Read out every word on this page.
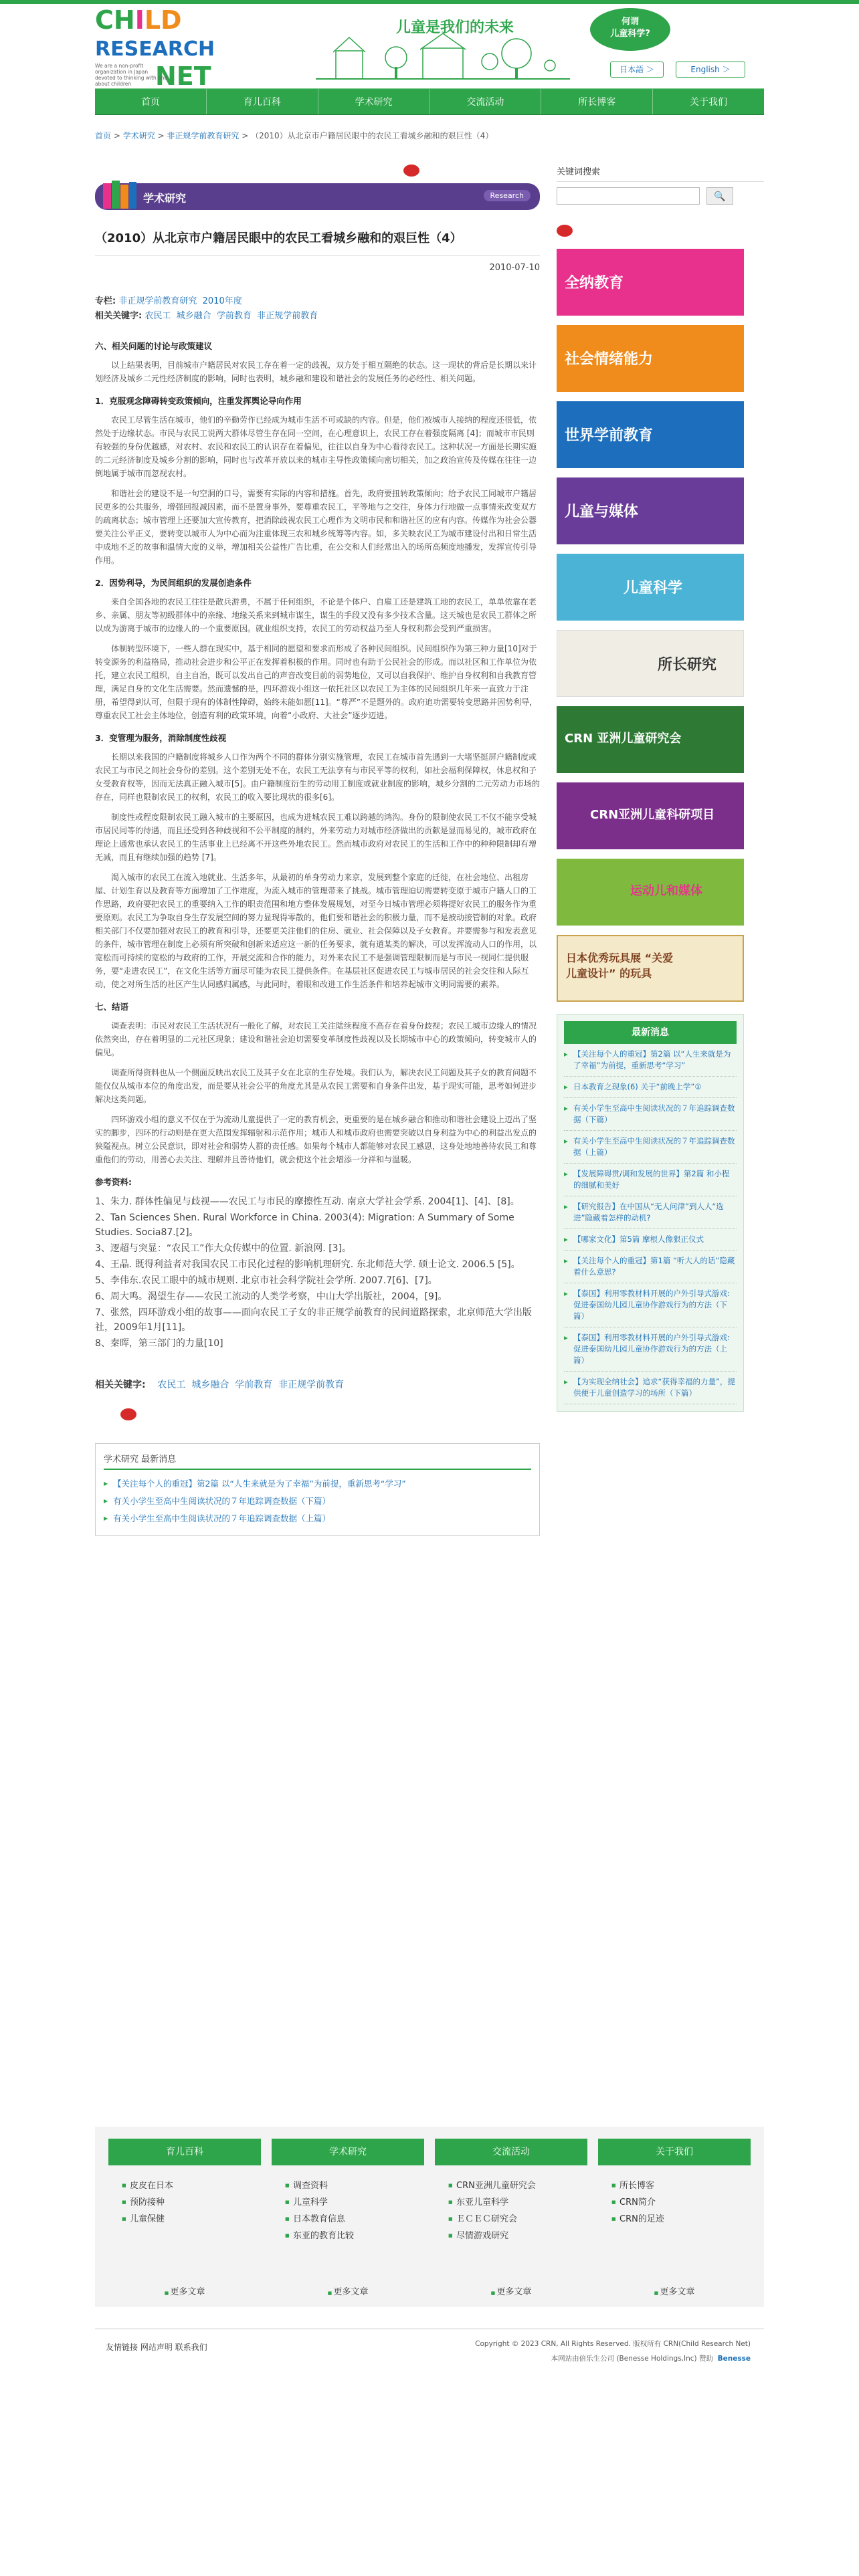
CHILD
RESEARCH
NET
We are a non-profit organization in Japan devoted to thinking with and about children
儿童是我们的未来	何谓
儿童科学?
日本語 ＞	English ＞
首页	育儿百科	学术研究	交流活动	所长博客	关于我们
首页 > 学术研究 > 非正规学前教育研究 > （2010）从北京市户籍居民眼中的农民工看城乡融和的艰巨性（4）
学术研究	Research
（2010）从北京市户籍居民眼中的农民工看城乡融和的艰巨性（4）
2010-07-10
专栏: 非正规学前教育研究 2010年度
相关关键字: 农民工 城乡融合 学前教育 非正规学前教育
六、相关问题的讨论与政策建议

以上结果表明，目前城市户籍居民对农民工存在着一定的歧视，双方处于相互隔绝的状态。这一现状的背后是长期以来计划经济及城乡二元性经济制度的影响，同时也表明，城乡融和建设和谐社会的发展任务的必经性、相关问题。

1．克服观念障碍转变政策倾向，注重发挥舆论导向作用

农民工尽管生活在城市，他们的辛勤劳作已经成为城市生活不可或缺的内容。但是，他们被城市人接纳的程度还很低，依然处于边缘状态。市民与农民工说两大群体尽管生存在同一空间，在心理意识上，农民工存在着强度隔离 [4]；而城市市民则有较强的身份优越感，对农村、农民和农民工的认识存在着偏见，往往以自身为中心看待农民工。这种状况一方面是长期实施的二元经济制度及城乡分割的影响，同时也与改革开放以来的城市主导性政策倾向密切相关，加之政治宣传及传媒在往往一边倒地属于城市而忽视农村。

和谐社会的建设不是一句空洞的口号，需要有实际的内容和措施。首先，政府要扭转政策倾向；给予农民工同城市户籍居民更多的公共服务，增强回报减因素，而不是置身事外，要尊重农民工，平等地与之交往，身体力行地做一点事情来改变双方的疏离状态；城市管理上还要加大宣传教育，把消除歧视农民工心理作为文明市民和和谐社区的应有内容。传媒作为社会公器要关注公平正义，要转变以城市人为中心而为注重体现三农和城乡统筹等内容。如，多关映农民工为城市建设付出和日常生活中成地不乏的故事和温情大度的义举，增加相关公益性广告比重，在公交和人们经常出入的场所高频度地播发，发挥宣传引导作用。

2．因势利导，为民间组织的发展创造条件

来自全国各地的农民工往往是散兵游勇，不属于任何组织，不论是个体户、自雇工还是建筑工地的农民工，单单依靠在老乡、亲属、朋友等初级群体中的亲缘、地缘关系来到城市谋生，谋生的手段又没有多少技术含量。这天城也是农民工群体之所以成为游离于城市的边缘人的一个重要原因。就业组织支持，农民工的劳动权益乃至人身权利都会受到严重损害。

体制转型环境下，一些人群在现实中，基于相同的愿望和要求而形成了各种民间组织。民间组织作为第三种力量[10]对于转变源务的利益格局，推动社会进步和公平正在发挥着积极的作用。同时也有助于公民社会的形成。而以社区和工作单位为依托，建立农民工组织，自主自治，既可以发出自己的声音改变目前的弱势地位，又可以自我保护、维护自身权利和自我教育管理，满足自身的文化生活需要。然而遗憾的是，四环游戏小组这一依托社区以农民工为主体的民间组织几年来一直致力于注册，希望得到认可，但限于现有的体制性障碍，始终未能如愿[11]。“尊严”不是题外的。政府追功需要转变思路并因势利导，尊重农民工社会主体地位，创造有利的政策环境，向着“小政府、大社会”逐步迈进。

3．变管理为服务，消除制度性歧视

长期以来我国的户籍制度将城乡人口作为两个不同的群体分别实施管理，农民工在城市首先遇到一大堵坚挺屏户籍制度或农民工与市民之间社会身份的差别。这个差别无处不在，农民工无法享有与市民平等的权利，如社会福利保障权，休息权和子女受教育权等，因而无法真正融入城市[5]。由户籍制度衍生的劳动用工制度或就业制度的影响，城乡分割的二元劳动力市场的存在，同样也限制农民工的权利，农民工的收入要比现状的很多[6]。

制度性或程度限制农民工融入城市的主要原因，也成为进城农民工难以跨越的鸿沟。身份的限制使农民工不仅不能享受城市居民同等的待遇，而且还受到各种歧视和不公平制度的制约，外来劳动力对城市经济做出的贡献是显而易见的，城市政府在理论上通常也承认农民工的生活事业上已经离不开这些外地农民工。然而城市政府对农民工的生活和工作中的种种限制却有增无减，而且有继续加强的趋势 [7]。

渴入城市的农民工在流入地就业、生活多年，从最初的单身劳动力来京，发展到整个家庭的迁徙，在社会地位、出租房屋、计划生育以及教育等方面增加了工作难度，为流入城市的管理带来了挑战。城市管理迫切需要转变原于城市户籍人口的工作思路，政府要把农民工的重要纳入工作的职责范围和地方整体发展规划，对至今日城市管理必须将提好农民工的服务作为重要原则。农民工为争取自身生存发展空间的努力显现得零散的，他们要和谐社会的积极力量，而不是被动接管制的对象。政府相关部门不仅要加强对农民工的教育和引导，还要更关注他们的住房、就业、社会保障以及子女教育。并要需参与和发表意见的条件，城市管理在制度上必须有所突破和创新来适应这一新的任务要求，就有道某类的解决，可以发挥流动人口的作用，以宽松而可持续的宽松的与政府的工作，开展交流和合作的能力，对外来农民工不是强调管理限制而是与市民一视同仁提供服务，要“走进农民工”，在文化生活等方面尽可能为农民工提供条件。在基层社区促进农民工与城市居民的社会交往和人际互动，使之对所生活的社区产生认同感归属感，与此同时，着眼和改进工作生活条件和培养起城市文明同需要的素养。

七、结语

调查表明：市民对农民工生活状况有一般化了解，对农民工关注陆续程度不高存在着身份歧视；农民工城市边缘人的情况依然突出，存在着明显的二元社区现象；建设和谐社会迫切需要变革制度性歧视以及长期城市中心的政策倾向，转变城市人的偏见。

调查所得资料也从一个侧面反映出农民工及其子女在北京的生存处境。我们认为，解决农民工问题及其子女的教育问题不能仅仅从城市本位的角度出发，而是要从社会公平的角度尤其是从农民工需要和自身条件出发，基于现实可能，思考如何进步解决这类问题。

四环游戏小组的意义不仅在于为流动儿童提供了一定的教育机会，更重要的是在城乡融合和推动和谐社会建设上迈出了坚实的脚步，四环的行动则是在更大范围发挥辐射和示范作用；城市人和城市政府也需要突破以自身利益为中心的利益出发点的狭隘视点。树立公民意识，即对社会和弱势人群的责任感。如果每个城市人都能够对农民工感恩，这身处地地善待农民工和尊重他们的劳动，用善心去关注、理解并且善待他们，就会使这个社会增添一分祥和与温暖。

参考资料:

1、朱力. 群体性偏见与歧视——农民工与市民的摩擦性互动. 南京大学社会学系. 2004[1]、[4]、[8]。

2、Tan Sciences Shen. Rural Workforce in China. 2003(4): Migration: A Summary of Some Studies. Socia87.[2]。

3、逻超与突显：“农民工”作大众传媒中的位置. 新浪网. [3]。

4、王晶. 既得利益者对我国农民工市民化过程的影响机理研究. 东北师范大学. 硕士论文. 2006.5 [5]。

5、李伟东.农民工眼中的城市规则. 北京市社会科学院社会学所. 2007.7[6]、[7]。

6、周大鸣。渴望生存——农民工流动的人类学考察，中山大学出版社，2004，[9]。

7、张然，四环游戏小组的故事——面向农民工子女的非正规学前教育的民间道路探索，北京师范大学出版社，2009年1月[11]。

8、秦晖，第三部门的力量[10]

相关关键字: 农民工 城乡融合 学前教育 非正规学前教育
学术研究 最新消息
▶ 【关注每个人的重冠】第2篇 以“人生来就是为了幸福”为前提，重新思考“学习”
▶ 有关小学生至高中生阅读状况的７年追踪调查数据（下篇）
▶ 有关小学生至高中生阅读状况的７年追踪调查数据（上篇）
关键词搜索
🔍
全纳教育
社会情绪能力
世界学前教育
儿童与媒体
儿童科学
所长研究
CRN 亚洲儿童研究会
CRN亚洲儿童科研项目
运动儿和媒体
日本优秀玩具展 “关爱儿童设计” 的玩具
最新消息
▸ 【关注每个人的重冠】第2篇 以“人生来就是为了幸福”为前提，重新思考“学习”
▸ 日本教育之现象(6) 关于“前晚上学”①
▸ 有关小学生至高中生阅读状况的７年追踪调查数据（下篇）
▸ 有关小学生至高中生阅读状况的７年追踪调查数据（上篇）
▸ 【发展障碍贯/调和发展的世界】第2篇 和小程的细腻和美好
▸ 【研究报告】在中国从“无人问津”到人人“选进”隐藏着怎样的动机?
▸ 【哪家文化】第5篇 摩根人像狠正仪式
▸ 【关注每个人的重冠】第1篇 “听大人的话”隐藏着什么意思?
▸ 【泰国】利用零教材料开展的户外引导式游戏: 促进泰国幼儿园儿童协作游戏行为的方法（下篇）
▸ 【泰国】利用零教材料开展的户外引导式游戏: 促进泰国幼儿园儿童协作游戏行为的方法（上篇）
▸ 【为实现全纳社会】追求“获得幸福的力量”，提供便于儿童创造学习的场所（下篇）
育儿百科
■ 皮皮在日本
■ 预防接种
■ 儿童保健
■ 更多文章
学术研究
■ 调查资料
■ 儿童科学
■ 日本教育信息
■ 东亚的教育比较
■ 更多文章
交流活动
■ CRN亚洲儿童研究会
■ 东亚儿童科学
■ ＥＣＥＣ研究会
■ 尽情游戏研究
■ 更多文章
关于我们
■ 所长博客
■ CRN简介
■ CRN的足迹
■ 更多文章
友情链接 网站声明 联系我们	Copyright © 2023 CRN, All Rights Reserved. 版权所有 CRN(Child Research Net)
本网站由倍乐生公司 (Benesse Holdings,Inc) 赞助 Benesse
